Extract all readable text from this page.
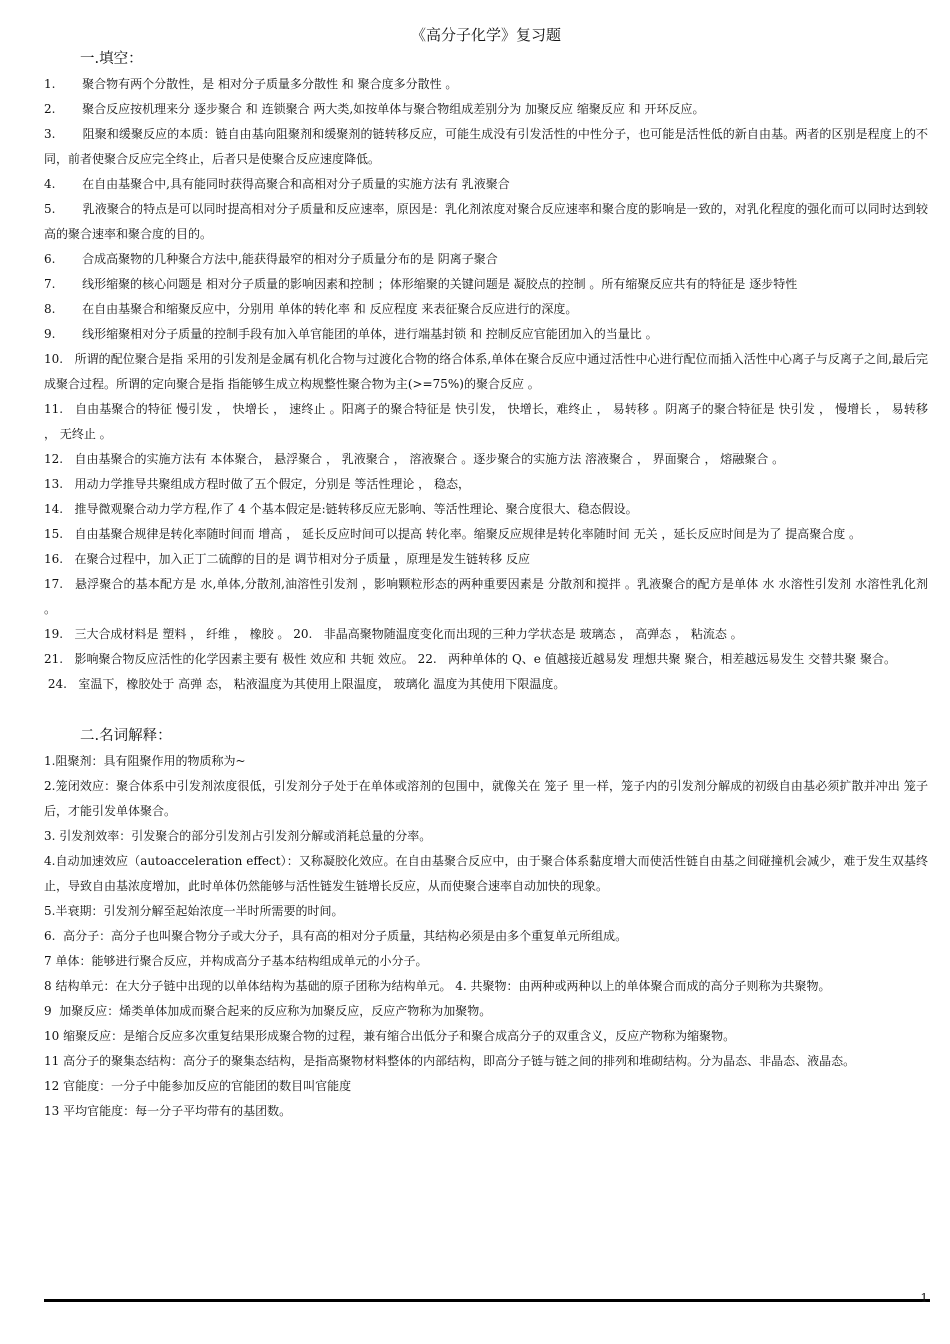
《高分子化学》复习题
一.填空：

1.       聚合物有两个分散性，是 相对分子质量多分散性 和 聚合度多分散性 。

2.       聚合反应按机理来分 逐步聚合 和 连锁聚合 两大类,如按单体与聚合物组成差别分为 加聚反应 缩聚反应 和 开环反应。

3.       阻聚和缓聚反应的本质：链自由基向阻聚剂和缓聚剂的链转移反应，可能生成没有引发活性的中性分子，也可能是活性低的新自由基。两者的区别是程度上的不同，前者使聚合反应完全终止，后者只是使聚合反应速度降低。

4.       在自由基聚合中,具有能同时获得高聚合和高相对分子质量的实施方法有 乳液聚合

5.       乳液聚合的特点是可以同时提高相对分子质量和反应速率，原因是：乳化剂浓度对聚合反应速率和聚合度的影响是一致的，对乳化程度的强化而可以同时达到较高的聚合速率和聚合度的目的。

6.       合成高聚物的几种聚合方法中,能获得最窄的相对分子质量分布的是 阴离子聚合

7.       线形缩聚的核心问题是 相对分子质量的影响因素和控制 ；体形缩聚的关键问题是 凝胶点的控制 。所有缩聚反应共有的特征是 逐步特性

8.       在自由基聚合和缩聚反应中，分别用 单体的转化率 和 反应程度 来表征聚合反应进行的深度。

9.       线形缩聚相对分子质量的控制手段有加入单官能团的单体，进行端基封锁 和 控制反应官能团加入的当量比 。

10.   所谓的配位聚合是指 采用的引发剂是金属有机化合物与过渡化合物的络合体系,单体在聚合反应中通过活性中心进行配位而插入活性中心离子与反离子之间,最后完成聚合过程。所谓的定向聚合是指 指能够生成立构规整性聚合物为主(>=75%)的聚合反应 。

11.   自由基聚合的特征 慢引发 ， 快增长 ， 速终止 。阳离子的聚合特征是 快引发， 快增长，难终止 ， 易转移 。阴离子的聚合特征是 快引发 ， 慢增长 ， 易转移 ， 无终止 。

12.   自由基聚合的实施方法有 本体聚合， 悬浮聚合 ， 乳液聚合 ， 溶液聚合 。逐步聚合的实施方法 溶液聚合 ， 界面聚合 ， 熔融聚合 。

13.   用动力学推导共聚组成方程时做了五个假定，分别是 等活性理论 ， 稳态，

14.   推导微观聚合动力学方程,作了 4 个基本假定是:链转移反应无影响、等活性理论、聚合度很大、稳态假设。

15.   自由基聚合规律是转化率随时间而 增高 ， 延长反应时间可以提高 转化率。缩聚反应规律是转化率随时间 无关 ，延长反应时间是为了 提高聚合度 。

16.   在聚合过程中，加入正丁二硫醇的目的是 调节相对分子质量 ，原理是发生链转移 反应

17.   悬浮聚合的基本配方是 水,单体,分散剂,油溶性引发剂 ，影响颗粒形态的两种重要因素是 分散剂和搅拌 。乳液聚合的配方是单体 水 水溶性引发剂 水溶性乳化剂 。

19.   三大合成材料是 塑料 ， 纤维 ， 橡胶 。 20.   非晶高聚物随温度变化而出现的三种力学状态是 玻璃态 ， 高弹态 ， 粘流态 。

21.   影响聚合物反应活性的化学因素主要有 极性 效应和 共轭 效应。 22.   两种单体的 Q、e 值越接近越易发 理想共聚 聚合，相差越远易发生 交替共聚 聚合。

24.   室温下，橡胶处于 高弹 态， 粘液温度为其使用上限温度， 玻璃化 温度为其使用下限温度。

二.名词解释：

1.阻聚剂：具有阻聚作用的物质称为~

2.笼闭效应：聚合体系中引发剂浓度很低，引发剂分子处于在单体或溶剂的包围中，就像关在 笼子 里一样，笼子内的引发剂分解成的初级自由基必须扩散并冲出 笼子 后，才能引发单体聚合。

3. 引发剂效率：引发聚合的部分引发剂占引发剂分解或消耗总量的分率。

4.自动加速效应（autoacceleration effect）：又称凝胶化效应。在自由基聚合反应中，由于聚合体系黏度增大而使活性链自由基之间碰撞机会减少，难于发生双基终止，导致自由基浓度增加，此时单体仍然能够与活性链发生链增长反应，从而使聚合速率自动加快的现象。

5.半衰期：引发剂分解至起始浓度一半时所需要的时间。

6.  高分子：高分子也叫聚合物分子或大分子，具有高的相对分子质量，其结构必须是由多个重复单元所组成。

7 单体：能够进行聚合反应，并构成高分子基本结构组成单元的小分子。

8 结构单元：在大分子链中出现的以单体结构为基础的原子团称为结构单元。 4. 共聚物：由两种或两种以上的单体聚合而成的高分子则称为共聚物。

9  加聚反应：烯类单体加成而聚合起来的反应称为加聚反应，反应产物称为加聚物。

10 缩聚反应：是缩合反应多次重复结果形成聚合物的过程，兼有缩合出低分子和聚合成高分子的双重含义，反应产物称为缩聚物。

11 高分子的聚集态结构：高分子的聚集态结构，是指高聚物材料整体的内部结构，即高分子链与链之间的排列和堆砌结构。分为晶态、非晶态、液晶态。

12 官能度：一分子中能参加反应的官能团的数目叫官能度

13 平均官能度：每一分子平均带有的基团数。

1
